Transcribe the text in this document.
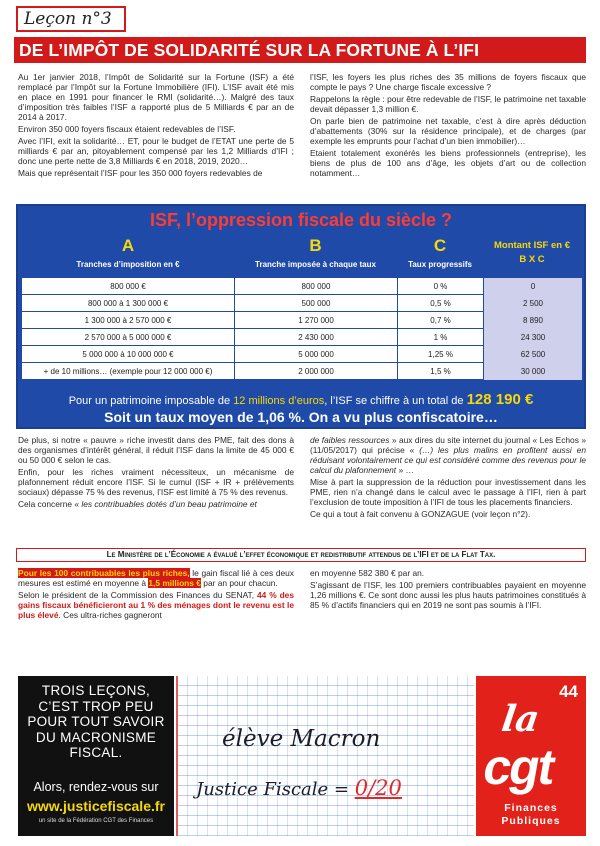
Leçon n°3
DE L’IMPÔT DE SOLIDARITÉ SUR LA FORTUNE À L’IFI

Au 1er janvier 2018, l’Impôt de Solidarité sur la Fortune (ISF) a été remplacé par l’Impôt sur la Fortune Immobilière (IFI). L’ISF avait été mis en place en 1991 pour financer le RMI (solidarité…). Malgré des taux d’imposition très faibles l’ISF a rapporté plus de 5 Milliards € par an de 2014 à 2017.

Environ 350 000 foyers fiscaux étaient redevables de l’ISF.

Avec l’IFI, exit la solidarité… ET, pour le budget de l’ETAT une perte de 5 milliards € par an, pitoyablement compensé par les 1,2 Milliards d’IFI ; donc une perte nette de 3,8 Milliards € en 2018, 2019, 2020…

Mais que représentait l’ISF pour les 350 000 foyers redevables de

l’ISF, les foyers les plus riches des 35 millions de foyers fiscaux que compte le pays ? Une charge fiscale excessive ?

Rappelons la règle : pour être redevable de l’ISF, le patrimoine net taxable devait dépasser 1,3 million €.

On parle bien de patrimoine net taxable, c’est à dire après déduction d’abattements (30% sur la résidence principale), et de charges (par exemple les emprunts pour l’achat d’un bien immobilier)…

Etaient totalement exonérés les biens professionnels (entreprise), les biens de plus de 100 ans d’âge, les objets d’art ou de collection notamment…

ISF, l’oppression fiscale du siècle ?
A	B	C
Tranches d’imposition en €	Tranche imposée à chaque taux	Taux progressifs
Montant ISF en €
B X C
800 000 €	800 000	0 %	0
800 000 à 1 300 000 €	500 000	0,5 %	2 500
1 300 000 à 2 570 000 €	1 270 000	0,7 %	8 890
2 570 000 à 5 000 000 €	2 430 000	1 %	24 300
5 000 000 à 10 000 000 €	5 000 000	1,25 %	62 500
+ de 10 millions… (exemple pour 12 000 000 €)	2 000 000	1,5 %	30 000
Pour un patrimoine imposable de 12 millions d’euros, l’ISF se chiffre à un total de 128 190 €
Soit un taux moyen de 1,06 %. On a vu plus confiscatoire…

De plus, si notre « pauvre » riche investit dans des PME, fait des dons à des organismes d’intérêt général, il réduit l’ISF dans la limite de 45 000 € ou 50 000 € selon le cas.

Enfin, pour les riches vraiment nécessiteux, un mécanisme de plafonnement réduit encore l’ISF. Si le cumul (ISF + IR + prélèvements sociaux) dépasse 75 % des revenus, l’ISF est limité à 75 % des revenus.

Cela concerne « les contribuables dotés d’un beau patrimoine et

de faibles ressources » aux dires du site internet du journal « Les Echos » (11/05/2017) qui précise « (…) les plus malins en profitent aussi en réduisant volontairement ce qui est considéré comme des revenus pour le calcul du plafonnement » …

Mise à part la suppression de la réduction pour investissement dans les PME, rien n’a changé dans le calcul avec le passage à l’IFI, rien à part l’exclusion de toute imposition à l’IFI de tous les placements financiers.

Ce qui a tout à fait convenu à GONZAGUE (voir leçon n°2).

Le Ministère de l’Économie a évalué l’effet économique et redistributif attendus de l’IFI et de la Flat Tax.

Pour les 100 contribuables les plus riches, le gain fiscal lié à ces deux mesures est estimé en moyenne à 1,5 millions € par an pour chacun.

Selon le président de la Commission des Finances du SENAT, 44 % des gains fiscaux bénéficieront au 1 % des ménages dont le revenu est le plus élevé. Ces ultra-riches gagneront

en moyenne 582 380 € par an.

S’agissant de l’ISF, les 100 premiers contribuables payaient en moyenne 1,26 millions €. Ce sont donc aussi les plus hauts patrimoines constitués à 85 % d’actifs financiers qui en 2019 ne sont pas soumis à l’IFI.

TROIS LEÇONS,
C’EST TROP PEU
POUR TOUT SAVOIR
DU MACRONISME
FISCAL.
Alors, rendez-vous sur
www.justicefiscale.fr
un site de la Fédération CGT des Finances
élève Macron
Justice Fiscale = 0/20
44
la
cgt
Finances
Publiques
